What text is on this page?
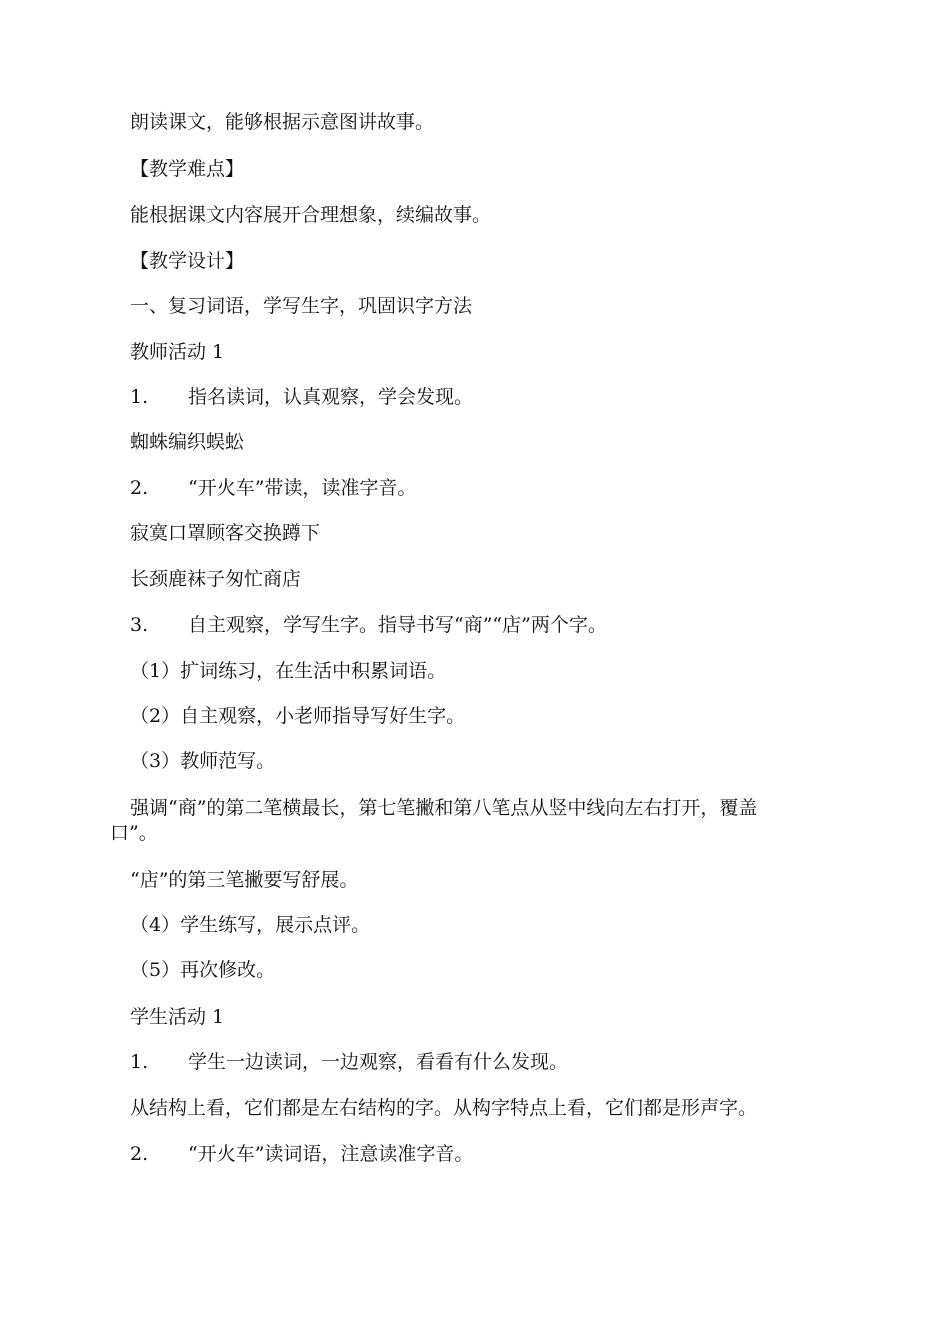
朗读课文，能够根据示意图讲故事。
【教学难点】
能根据课文内容展开合理想象，续编故事。
【教学设计】
一、复习词语，学写生字，巩固识字方法
教师活动 1
1. 指名读词，认真观察，学会发现。
蜘蛛编织蜈蚣
2. “开火车”带读，读准字音。
寂寞口罩顾客交换蹲下
长颈鹿袜子匆忙商店
3. 自主观察，学写生字。指导书写“商”“店”两个字。
（1）扩词练习，在生活中积累词语。
（2）自主观察，小老师指导写好生字。
（3）教师范写。
强调“商”的第二笔横最长，第七笔撇和第八笔点从竖中线向左右打开，覆盖
口”。
“店”的第三笔撇要写舒展。
（4）学生练写，展示点评。
（5）再次修改。
学生活动 1
1. 学生一边读词，一边观察，看看有什么发现。
从结构上看，它们都是左右结构的字。从构字特点上看，它们都是形声字。
2. “开火车”读词语，注意读准字音。
